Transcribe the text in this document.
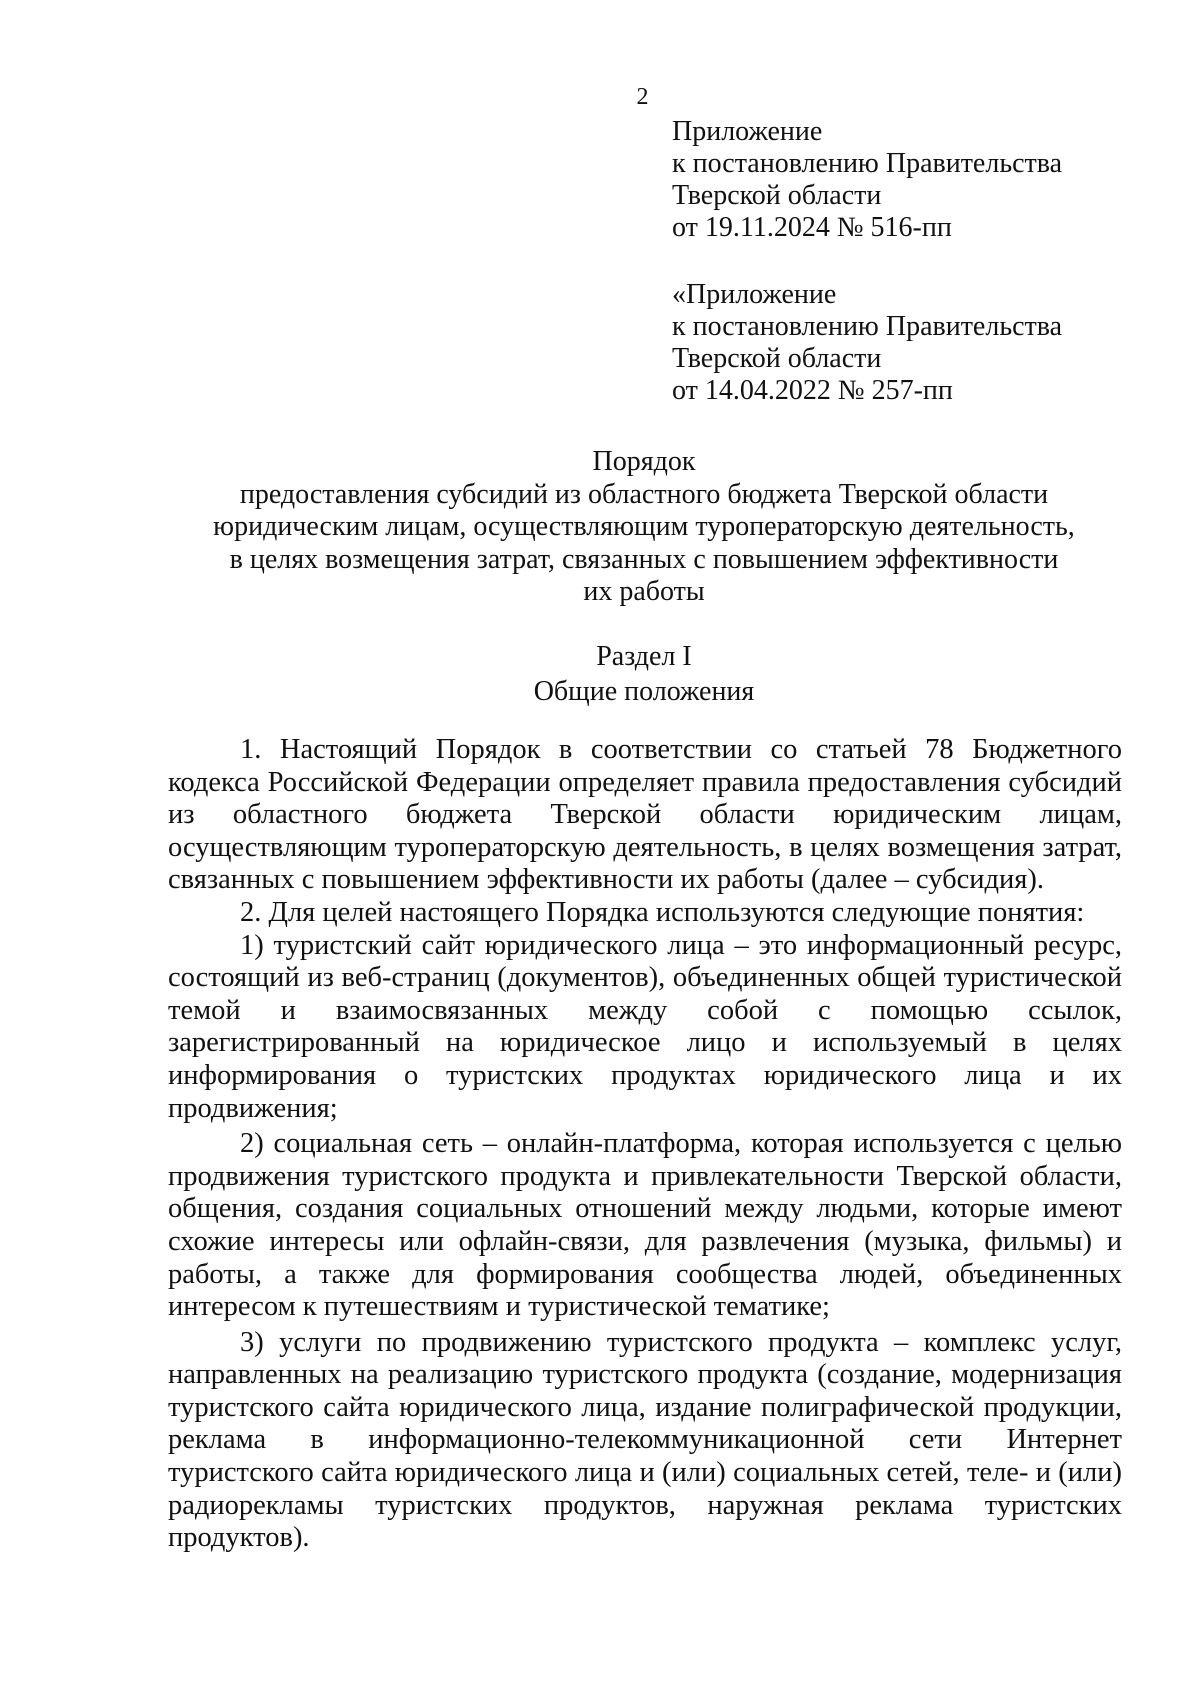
2
Приложение
к постановлению Правительства
Тверской области
от 19.11.2024 № 516-пп
«Приложение
к постановлению Правительства
Тверской области
от 14.04.2022 № 257-пп
Порядок
предоставления субсидий из областного бюджета Тверской области
юридическим лицам, осуществляющим туроператорскую деятельность,
в целях возмещения затрат, связанных с повышением эффективности
их работы
Раздел I
Общие положения

1. Настоящий Порядок в соответствии со статьей 78 Бюджетного кодекса Российской Федерации определяет правила предоставления субсидий из областного бюджета Тверской области юридическим лицам, осуществляющим туроператорскую деятельность, в целях возмещения затрат, связанных с повышением эффективности их работы (далее – субсидия).

2. Для целей настоящего Порядка используются следующие понятия:

1) туристский сайт юридического лица – это информационный ресурс, состоящий из веб-страниц (документов), объединенных общей туристической темой и взаимосвязанных между собой с помощью ссылок, зарегистрированный на юридическое лицо и используемый в целях информирования о туристских продуктах юридического лица и их продвижения;

2) социальная сеть – онлайн-платформа, которая используется с целью продвижения туристского продукта и привлекательности Тверской области, общения, создания социальных отношений между людьми, которые имеют схожие интересы или офлайн-связи, для развлечения (музыка, фильмы) и работы, а также для формирования сообщества людей, объединенных интересом к путешествиям и туристической тематике;

3) услуги по продвижению туристского продукта – комплекс услуг, направленных на реализацию туристского продукта (создание, модернизация туристского сайта юридического лица, издание полиграфической продукции, реклама в информационно-телекоммуникационной сети Интернет туристского сайта юридического лица и (или) социальных сетей, теле- и (или) радиорекламы туристских продуктов, наружная реклама туристских продуктов).
